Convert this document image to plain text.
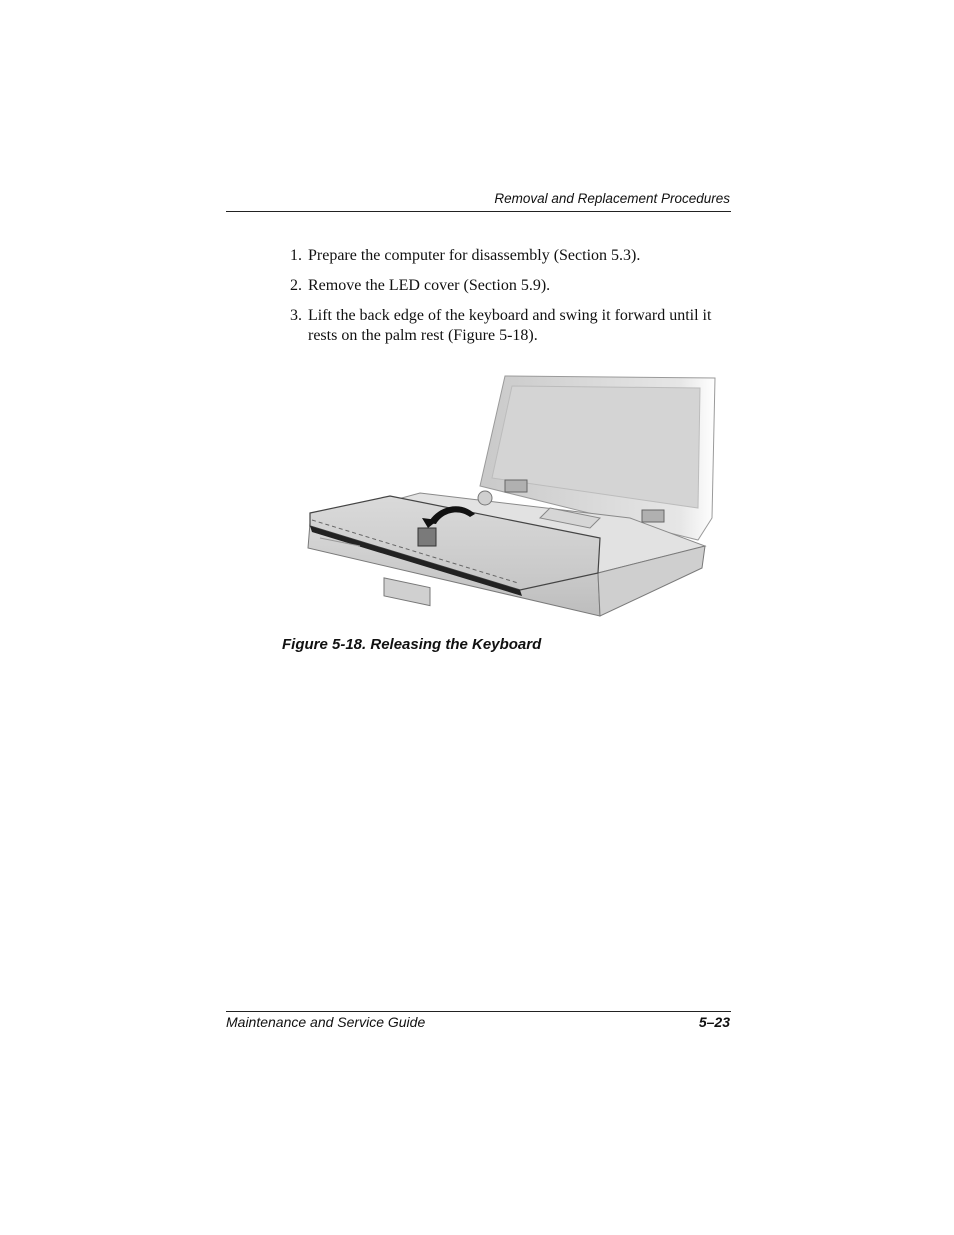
Removal and Replacement Procedures
1. Prepare the computer for disassembly (Section 5.3).
2. Remove the LED cover (Section 5.9).
3. Lift the back edge of the keyboard and swing it forward until it rests on the palm rest (Figure 5-18).
Figure 5-18. Releasing the Keyboard
Maintenance and Service Guide	5–23
